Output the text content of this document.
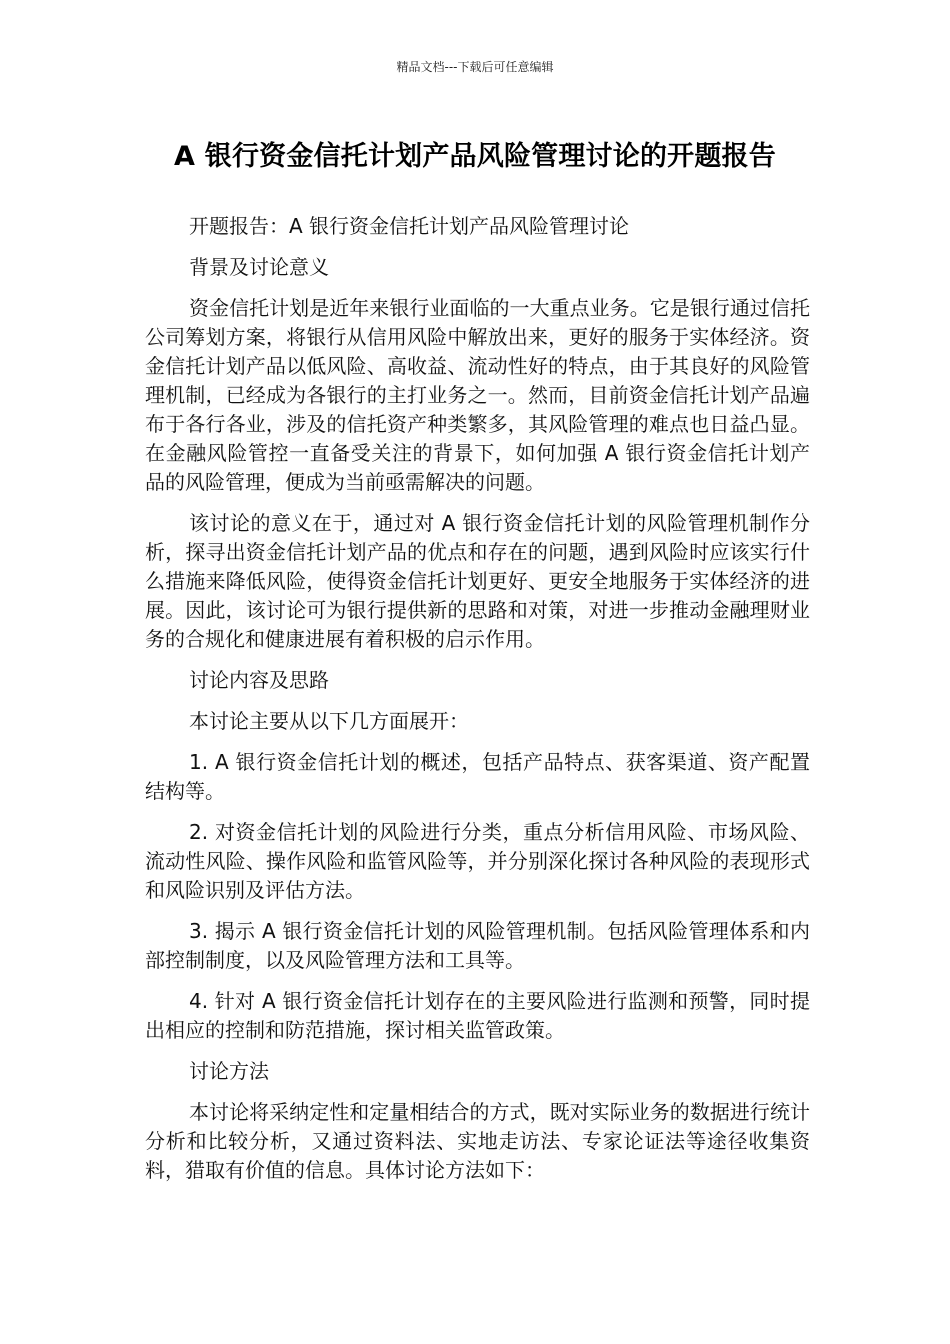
精品文档---下载后可任意编辑
A 银行资金信托计划产品风险管理讨论的开题报告

开题报告：A 银行资金信托计划产品风险管理讨论

背景及讨论意义

资金信托计划是近年来银行业面临的一大重点业务。它是银行通过信托公司筹划方案，将银行从信用风险中解放出来，更好的服务于实体经济。资金信托计划产品以低风险、高收益、流动性好的特点，由于其良好的风险管理机制，已经成为各银行的主打业务之一。然而，目前资金信托计划产品遍布于各行各业，涉及的信托资产种类繁多，其风险管理的难点也日益凸显。在金融风险管控一直备受关注的背景下，如何加强 A 银行资金信托计划产品的风险管理，便成为当前亟需解决的问题。

该讨论的意义在于，通过对 A 银行资金信托计划的风险管理机制作分析，探寻出资金信托计划产品的优点和存在的问题，遇到风险时应该实行什么措施来降低风险，使得资金信托计划更好、更安全地服务于实体经济的进展。因此，该讨论可为银行提供新的思路和对策，对进一步推动金融理财业务的合规化和健康进展有着积极的启示作用。

讨论内容及思路

本讨论主要从以下几方面展开：

1. A 银行资金信托计划的概述，包括产品特点、获客渠道、资产配置结构等。

2. 对资金信托计划的风险进行分类，重点分析信用风险、市场风险、流动性风险、操作风险和监管风险等，并分别深化探讨各种风险的表现形式和风险识别及评估方法。

3. 揭示 A 银行资金信托计划的风险管理机制。包括风险管理体系和内部控制制度，以及风险管理方法和工具等。

4. 针对 A 银行资金信托计划存在的主要风险进行监测和预警，同时提出相应的控制和防范措施，探讨相关监管政策。

讨论方法

本讨论将采纳定性和定量相结合的方式，既对实际业务的数据进行统计分析和比较分析，又通过资料法、实地走访法、专家论证法等途径收集资料，猎取有价值的信息。具体讨论方法如下：
